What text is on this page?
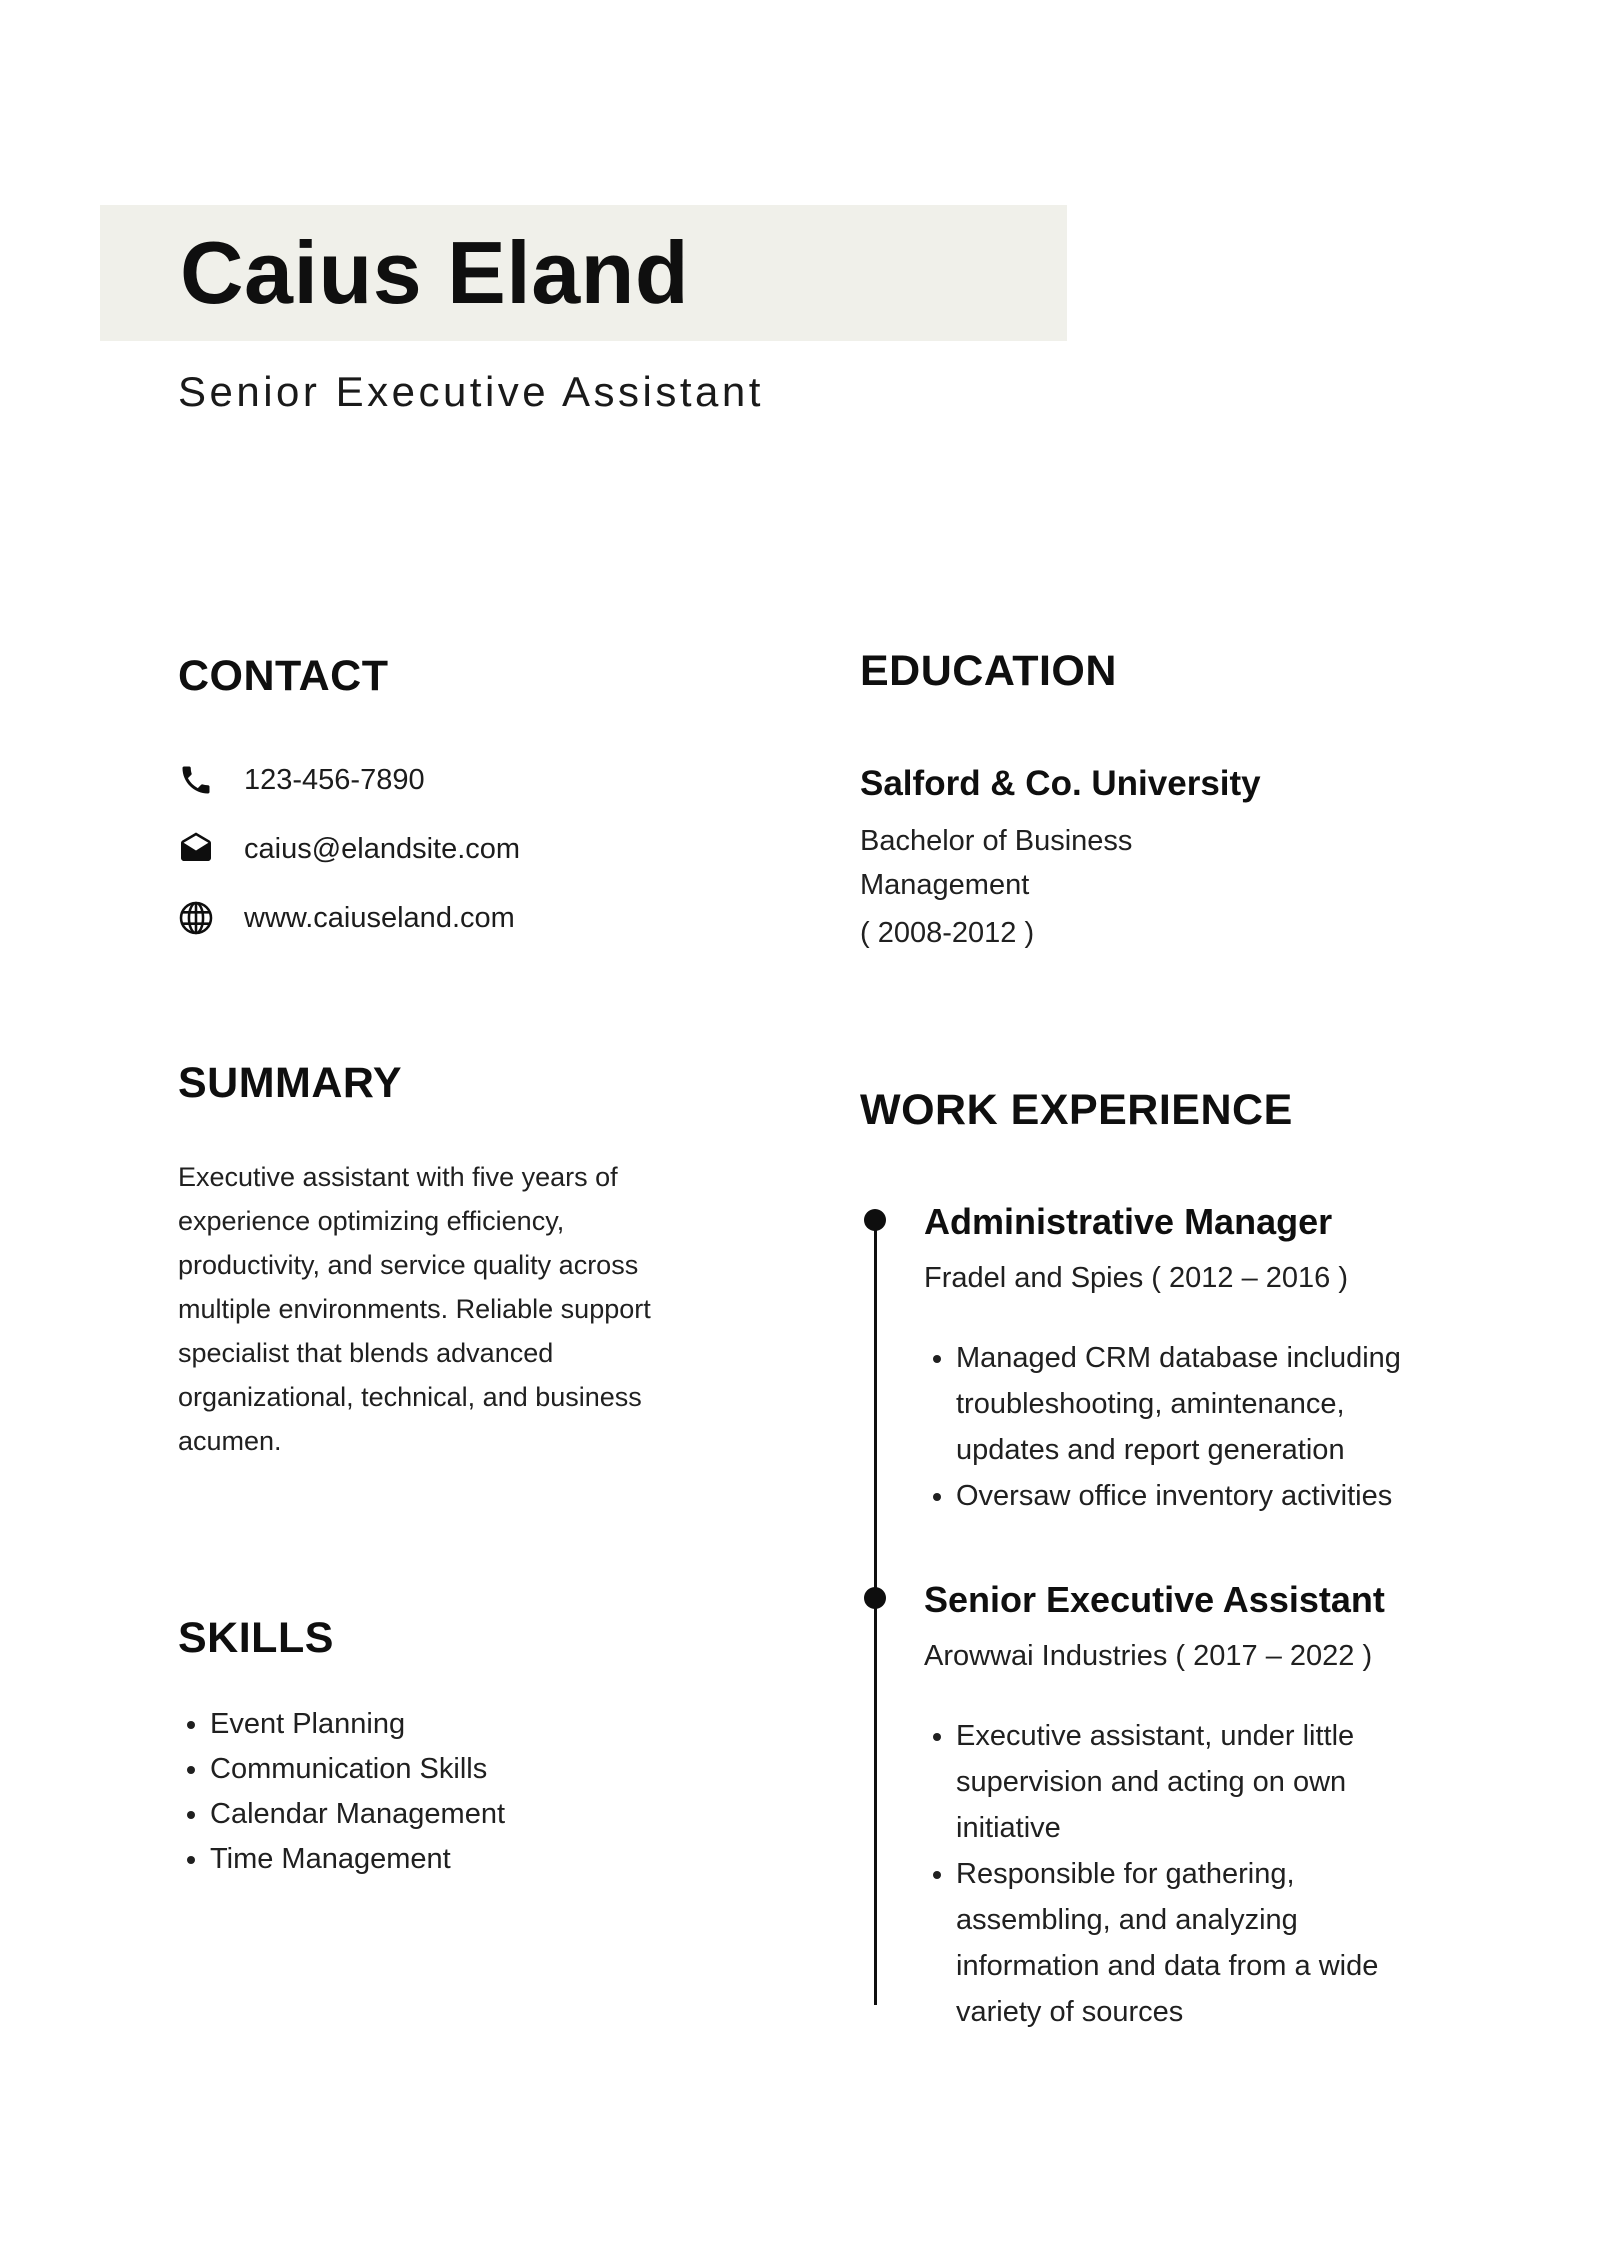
Caius Eland
Senior Executive Assistant
CONTACT
123-456-7890
caius@elandsite.com
www.caiuseland.com
SUMMARY

Executive assistant with five years of experience optimizing efficiency, productivity, and service quality across multiple environments. Reliable support specialist that blends advanced organizational, technical, and business acumen.

SKILLS
• Event Planning
• Communication Skills
• Calendar Management
• Time Management
EDUCATION
Salford & Co. University
Bachelor of Business Management
( 2008-2012 )
WORK EXPERIENCE
Administrative Manager
Fradel and Spies ( 2012 – 2016 )
• Managed CRM database including troubleshooting, amintenance, updates and report generation
• Oversaw office inventory activities
Senior Executive Assistant
Arowwai Industries ( 2017 – 2022 )
• Executive assistant, under little supervision and acting on own initiative
• Responsible for gathering, assembling, and analyzing information and data from a wide variety of sources
